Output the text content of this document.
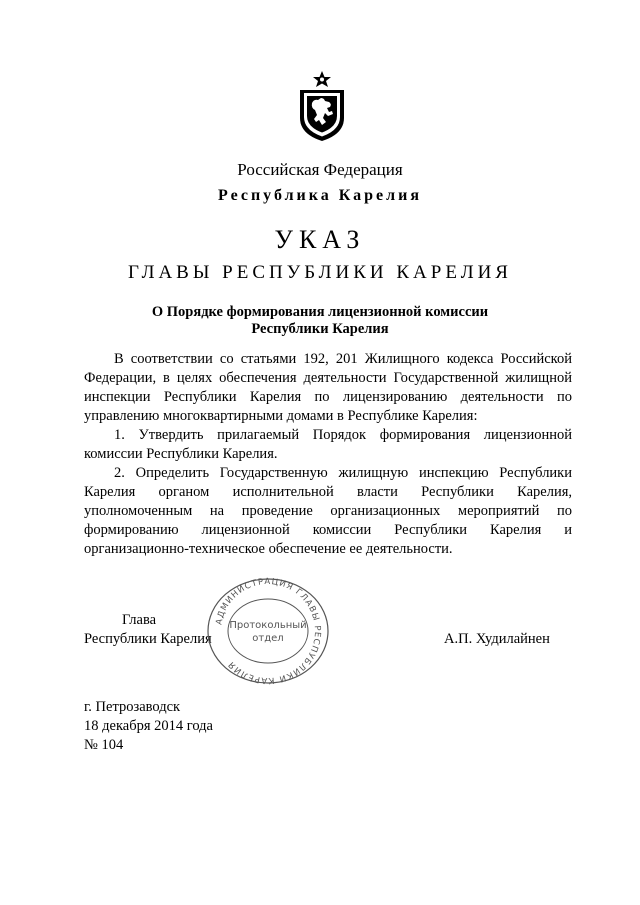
Российская Федерация
Республика Карелия
УКАЗ
ГЛАВЫ РЕСПУБЛИКИ КАРЕЛИЯ
О Порядке формирования лицензионной комиссии
Республики Карелия

В соответствии со статьями 192, 201 Жилищного кодекса Российской Федерации, в целях обеспечения деятельности Государственной жилищной инспекции Республики Карелия по лицензированию деятельности по управлению многоквартирными домами в Республике Карелия:

1. Утвердить прилагаемый Порядок формирования лицензионной комиссии Республики Карелия.

2. Определить Государственную жилищную инспекцию Республики Карелия органом исполнительной власти Республики Карелия, уполномоченным на проведение организационных мероприятий по формированию лицензионной комиссии Республики Карелия и организационно-техническое обеспечение ее деятельности.

Глава
Республики Карелия	А.П. Худилайнен
АДМИНИСТРАЦИЯ ГЛАВЫ РЕСПУБЛИКИ КАРЕЛИЯ
Протокольный
отдел
г. Петрозаводск
18 декабря 2014 года
№ 104
